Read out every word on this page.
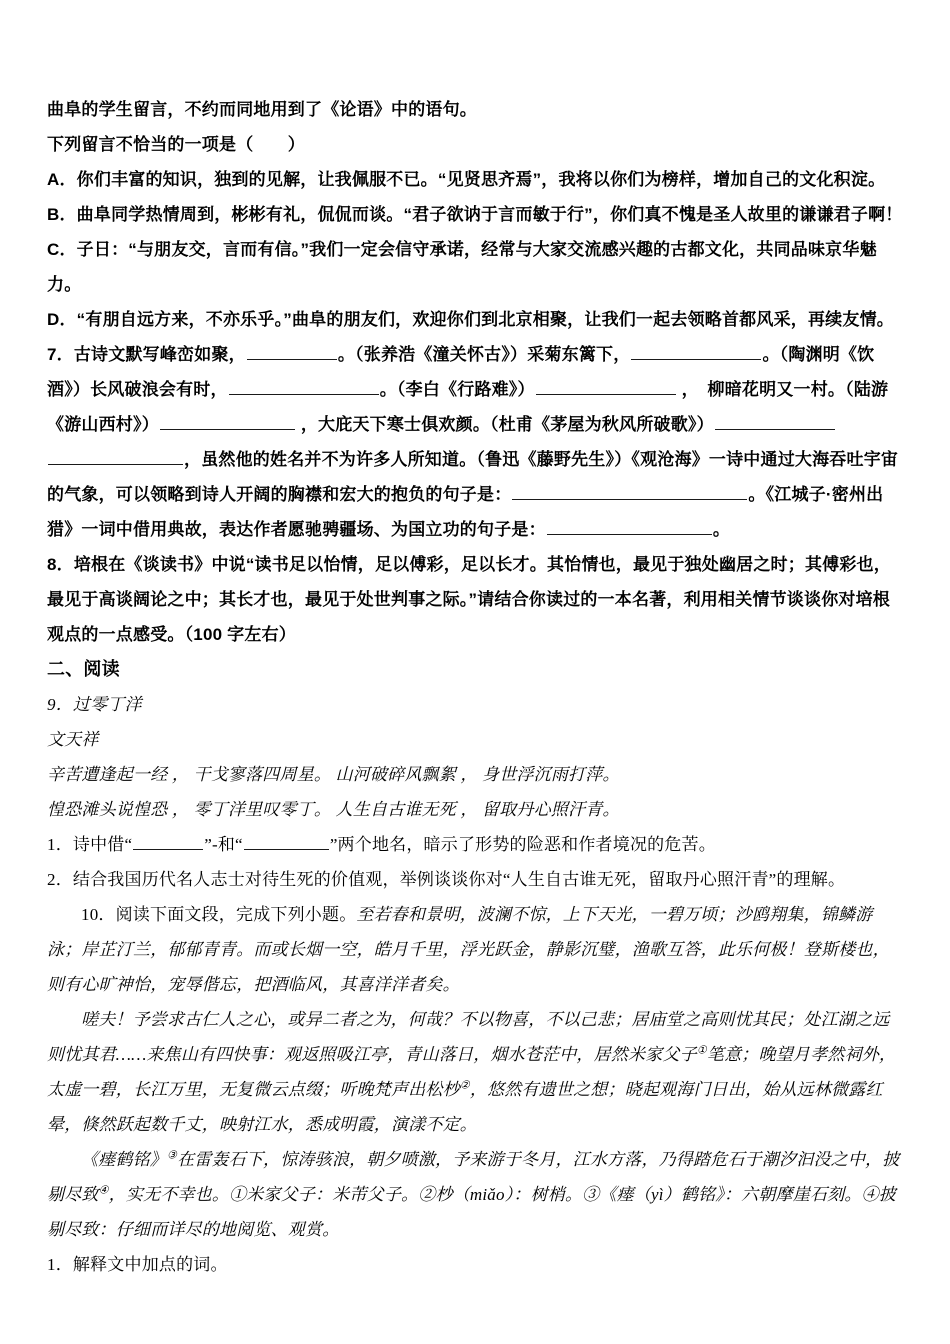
曲阜的学生留言，不约而同地用到了《论语》中的语句。

下列留言不恰当的一项是（　　）

A．你们丰富的知识，独到的见解，让我佩服不已。“见贤思齐焉”，我将以你们为榜样，增加自己的文化积淀。

B．曲阜同学热情周到，彬彬有礼，侃侃而谈。“君子欲讷于言而敏于行”，你们真不愧是圣人故里的谦谦君子啊！

C．子日：“与朋友交，言而有信。”我们一定会信守承诺，经常与大家交流感兴趣的古都文化，共同品味京华魅力。

D．“有朋自远方来，不亦乐乎。”曲阜的朋友们，欢迎你们到北京相聚，让我们一起去领略首都风采，再续友情。

7．古诗文默写峰峦如聚，	。（张养浩《潼关怀古》）采菊东篱下，	。（陶渊明《饮酒》）长风破浪会有时，	。（李白《行路难》）	，　柳暗花明又一村。（陆游《游山西村》）	，大庇天下寒士俱欢颜。（杜甫《茅屋为秋风所破歌》） ，虽然他的姓名并不为许多人所知道。（鲁迅《藤野先生》）《观沧海》一诗中通过大海吞吐宇宙的气象，可以领略到诗人开阔的胸襟和宏大的抱负的句子是：	。《江城子·密州出猎》一词中借用典故，表达作者愿驰骋疆场、为国立功的句子是：	。

8．培根在《谈读书》中说“读书足以怡情，足以傅彩，足以长才。其怡情也，最见于独处幽居之时；其傅彩也，最见于高谈阔论之中；其长才也，最见于处世判事之际。”请结合你读过的一本名著，利用相关情节谈谈你对培根观点的一点感受。（100 字左右）

二、阅读

9．过零丁洋

文天祥

辛苦遭逢起一经 ， 干戈寥落四周星。 山河破碎风飘絮 ， 身世浮沉雨打萍。

惶恐滩头说惶恐 ， 零丁洋里叹零丁。 人生自古谁无死 ， 留取丹心照汗青。

1．诗中借“	”-和“	”两个地名，暗示了形势的险恶和作者境况的危苦。

2．结合我国历代名人志士对待生死的价值观，举例谈谈你对“人生自古谁无死，留取丹心照汗青”的理解。

10．阅读下面文段，完成下列小题。至若春和景明，波澜不惊，上下天光，一碧万顷；沙鸥翔集，锦鳞游泳；岸芷汀兰，郁郁青青。而或长烟一空，皓月千里，浮光跃金，静影沉璧，渔歌互答，此乐何极！登斯楼也，则有心旷神怡，宠辱偕忘，把酒临风，其喜洋洋者矣。

嗟夫！予尝求古仁人之心，或异二者之为，何哉？不以物喜，不以己悲；居庙堂之高则忧其民；处江湖之远则忧其君……来焦山有四快事：观返照吸江亭，青山落日，烟水苍茫中，居然米家父子①笔意；晚望月孝然祠外，太虚一碧，长江万里，无复微云点缀；听晚梵声出松杪②，悠然有遗世之想；晓起观海门日出，始从远林微露红晕，倏然跃起数千丈，映射江水，悉成明霞，演漾不定。

《瘗鹤铭》③在雷轰石下，惊涛骇浪，朝夕喷激，予来游于冬月，江水方落，乃得踏危石于潮汐汩没之中，披剔尽致④，实无不幸也。①米家父子：米芾父子。②杪（miǎo）：树梢。③《瘗（yì）鹤铭》：六朝摩崖石刻。④披剔尽致：仔细而详尽的地阅览、观赏。

1．解释文中加点的词。
